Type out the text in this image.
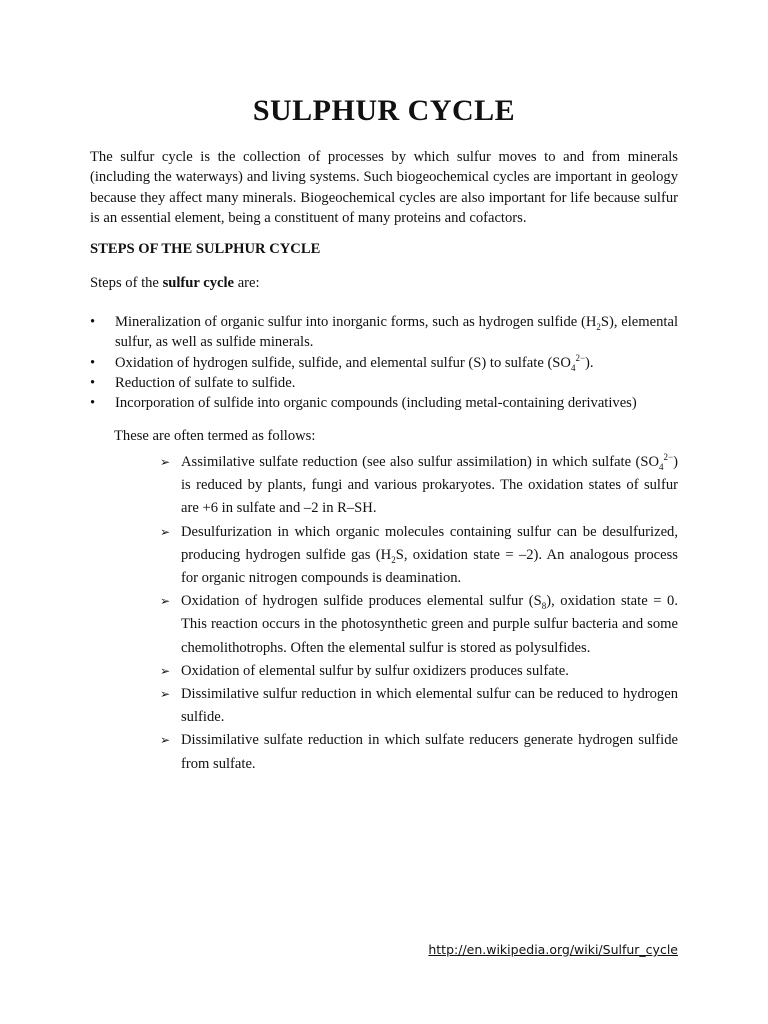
SULPHUR CYCLE

The sulfur cycle is the collection of processes by which sulfur moves to and from minerals (including the waterways) and living systems. Such biogeochemical cycles are important in geology because they affect many minerals. Biogeochemical cycles are also important for life because sulfur is an essential element, being a constituent of many proteins and cofactors.

STEPS OF THE SULPHUR CYCLE
Steps of the sulfur cycle are:
• Mineralization of organic sulfur into inorganic forms, such as hydrogen sulfide $(H_2S)$, elemental sulfur, as well as sulfide minerals.
• Oxidation of hydrogen sulfide, sulfide, and elemental sulfur (S) to sulfate $(SO_4^{2-})$.
• Reduction of sulfate to sulfide.
• Incorporation of sulfide into organic compounds (including metal-containing derivatives)
These are often termed as follows:
➢ Assimilative sulfate reduction (see also sulfur assimilation) in which sulfate $(SO_4^{2-})$ is reduced by plants, fungi and various prokaryotes. The oxidation states of sulfur are +6 in sulfate and –2 in R–SH.
➢ Desulfurization in which organic molecules containing sulfur can be desulfurized, producing hydrogen sulfide gas ($H_2S$, oxidation state = –2). An analogous process for organic nitrogen compounds is deamination.
➢ Oxidation of hydrogen sulfide produces elemental sulfur $(S_8)$, oxidation state = 0. This reaction occurs in the photosynthetic green and purple sulfur bacteria and some chemolithotrophs. Often the elemental sulfur is stored as polysulfides.
➢ Oxidation of elemental sulfur by sulfur oxidizers produces sulfate.
➢ Dissimilative sulfur reduction in which elemental sulfur can be reduced to hydrogen sulfide.
➢ Dissimilative sulfate reduction in which sulfate reducers generate hydrogen sulfide from sulfate.
http://en.wikipedia.org/wiki/Sulfur_cycle
